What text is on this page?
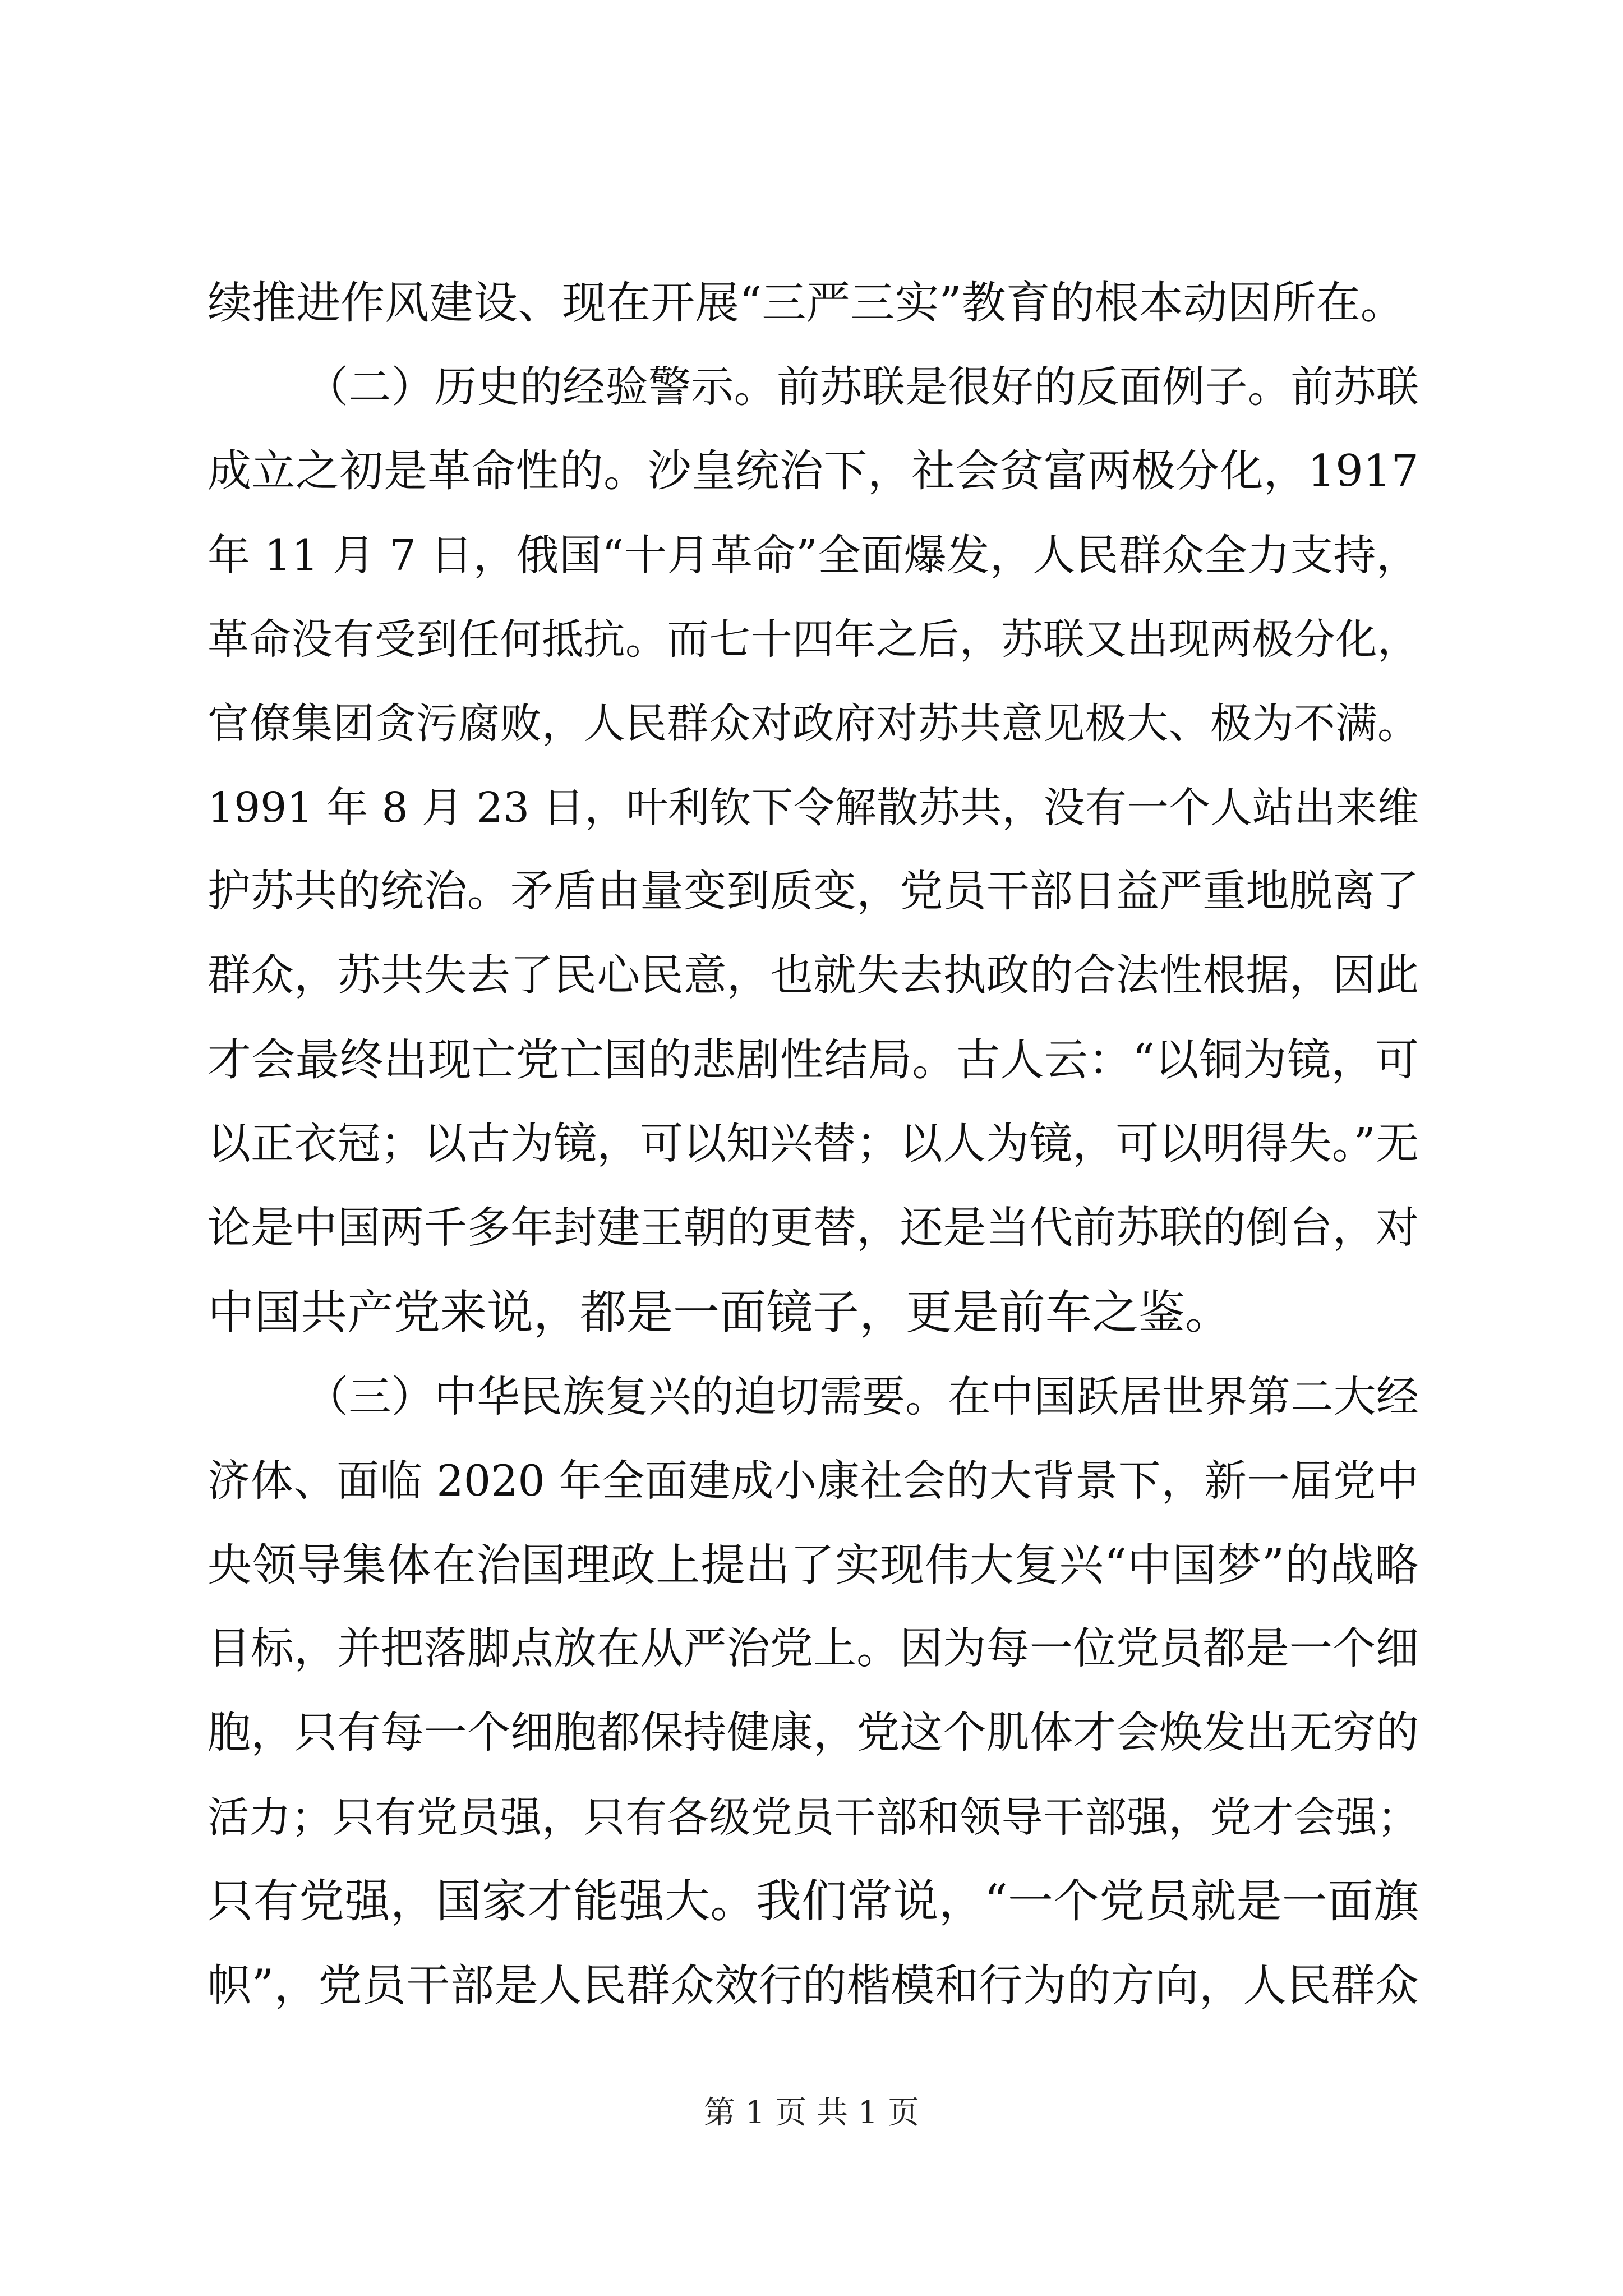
续推进作风建设、现在开展“三严三实”教育的根本动因所在。

（二）历史的经验警示。前苏联是很好的反面例子。前苏联

成立之初是革命性的。沙皇统治下，社会贫富两极分化，1917

年 11 月 7 日，俄国“十月革命”全面爆发，人民群众全力支持，

革命没有受到任何抵抗。而七十四年之后，苏联又出现两极分化，

官僚集团贪污腐败，人民群众对政府对苏共意见极大、极为不满。

1991 年 8 月 23 日，叶利钦下令解散苏共，没有一个人站出来维

护苏共的统治。矛盾由量变到质变，党员干部日益严重地脱离了

群众，苏共失去了民心民意，也就失去执政的合法性根据，因此

才会最终出现亡党亡国的悲剧性结局。古人云：“以铜为镜，可

以正衣冠；以古为镜，可以知兴替；以人为镜，可以明得失。”无

论是中国两千多年封建王朝的更替，还是当代前苏联的倒台，对

中国共产党来说，都是一面镜子，更是前车之鉴。

（三）中华民族复兴的迫切需要。在中国跃居世界第二大经

济体、面临 2020 年全面建成小康社会的大背景下，新一届党中

央领导集体在治国理政上提出了实现伟大复兴“中国梦”的战略

目标，并把落脚点放在从严治党上。因为每一位党员都是一个细

胞，只有每一个细胞都保持健康，党这个肌体才会焕发出无穷的

活力；只有党员强，只有各级党员干部和领导干部强，党才会强；

只有党强，国家才能强大。我们常说，“一个党员就是一面旗

帜”，党员干部是人民群众效行的楷模和行为的方向，人民群众

第 1 页 共 1 页
